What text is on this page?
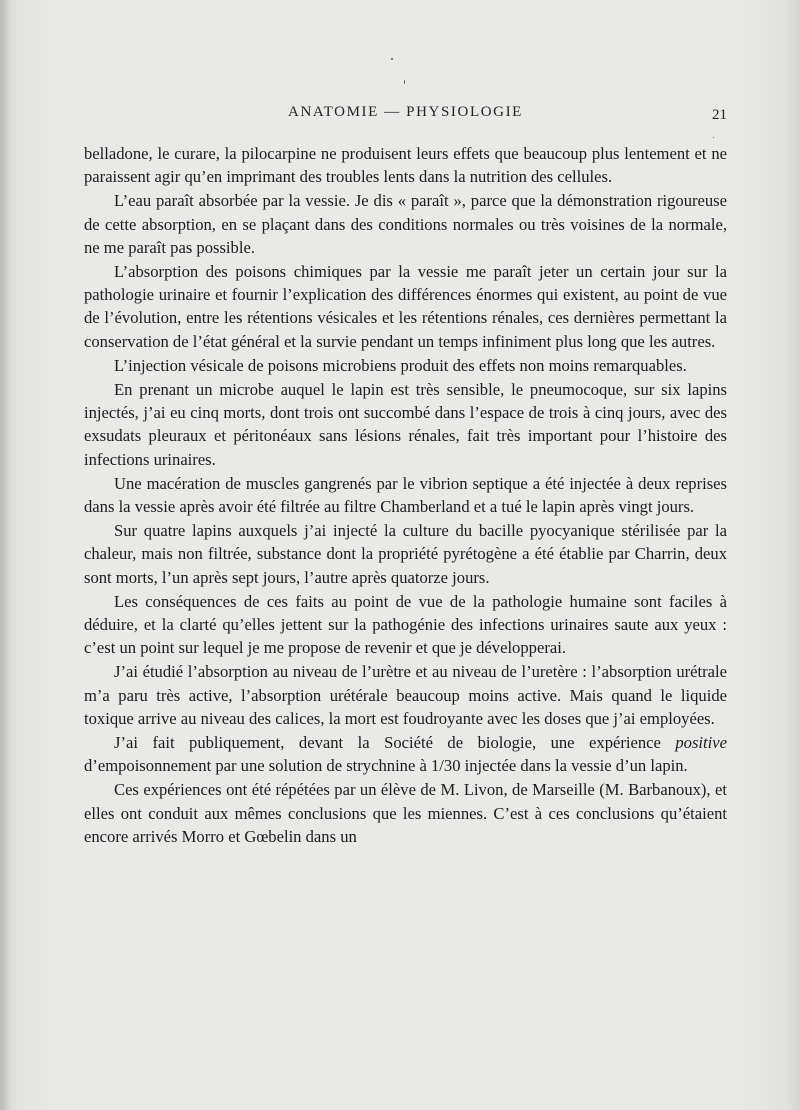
ANATOMIE — PHYSIOLOGIE	21

belladone, le curare, la pilocarpine ne produisent leurs effets que beaucoup plus lentement et ne paraissent agir qu’en imprimant des troubles lents dans la nutrition des cellules.

L’eau paraît absorbée par la vessie. Je dis « paraît », parce que la démonstration rigoureuse de cette absorption, en se plaçant dans des conditions normales ou très voisines de la normale, ne me paraît pas possible.

L’absorption des poisons chimiques par la vessie me paraît jeter un certain jour sur la pathologie urinaire et fournir l’explication des différences énormes qui existent, au point de vue de l’évolution, entre les rétentions vésicales et les rétentions rénales, ces dernières permettant la conservation de l’état général et la survie pendant un temps infiniment plus long que les autres.

L’injection vésicale de poisons microbiens produit des effets non moins remarquables.

En prenant un microbe auquel le lapin est très sensible, le pneumocoque, sur six lapins injectés, j’ai eu cinq morts, dont trois ont succombé dans l’espace de trois à cinq jours, avec des exsudats pleuraux et péritonéaux sans lésions rénales, fait très important pour l’histoire des infections urinaires.

Une macération de muscles gangrenés par le vibrion septique a été injectée à deux reprises dans la vessie après avoir été filtrée au filtre Chamberland et a tué le lapin après vingt jours.

Sur quatre lapins auxquels j’ai injecté la culture du bacille pyocyanique stérilisée par la chaleur, mais non filtrée, substance dont la propriété pyrétogène a été établie par Charrin, deux sont morts, l’un après sept jours, l’autre après quatorze jours.

Les conséquences de ces faits au point de vue de la pathologie humaine sont faciles à déduire, et la clarté qu’elles jettent sur la pathogénie des infections urinaires saute aux yeux : c’est un point sur lequel je me propose de revenir et que je développerai.

J’ai étudié l’absorption au niveau de l’urètre et au niveau de l’uretère : l’absorption urétrale m’a paru très active, l’absorption urétérale beaucoup moins active. Mais quand le liquide toxique arrive au niveau des calices, la mort est foudroyante avec les doses que j’ai employées.

J’ai fait publiquement, devant la Société de biologie, une expérience positive d’empoisonnement par une solution de strychnine à 1/30 injectée dans la vessie d’un lapin.

Ces expériences ont été répétées par un élève de M. Livon, de Marseille (M. Barbanoux), et elles ont conduit aux mêmes conclusions que les miennes. C’est à ces conclusions qu’étaient encore arrivés Morro et Gœbelin dans un
